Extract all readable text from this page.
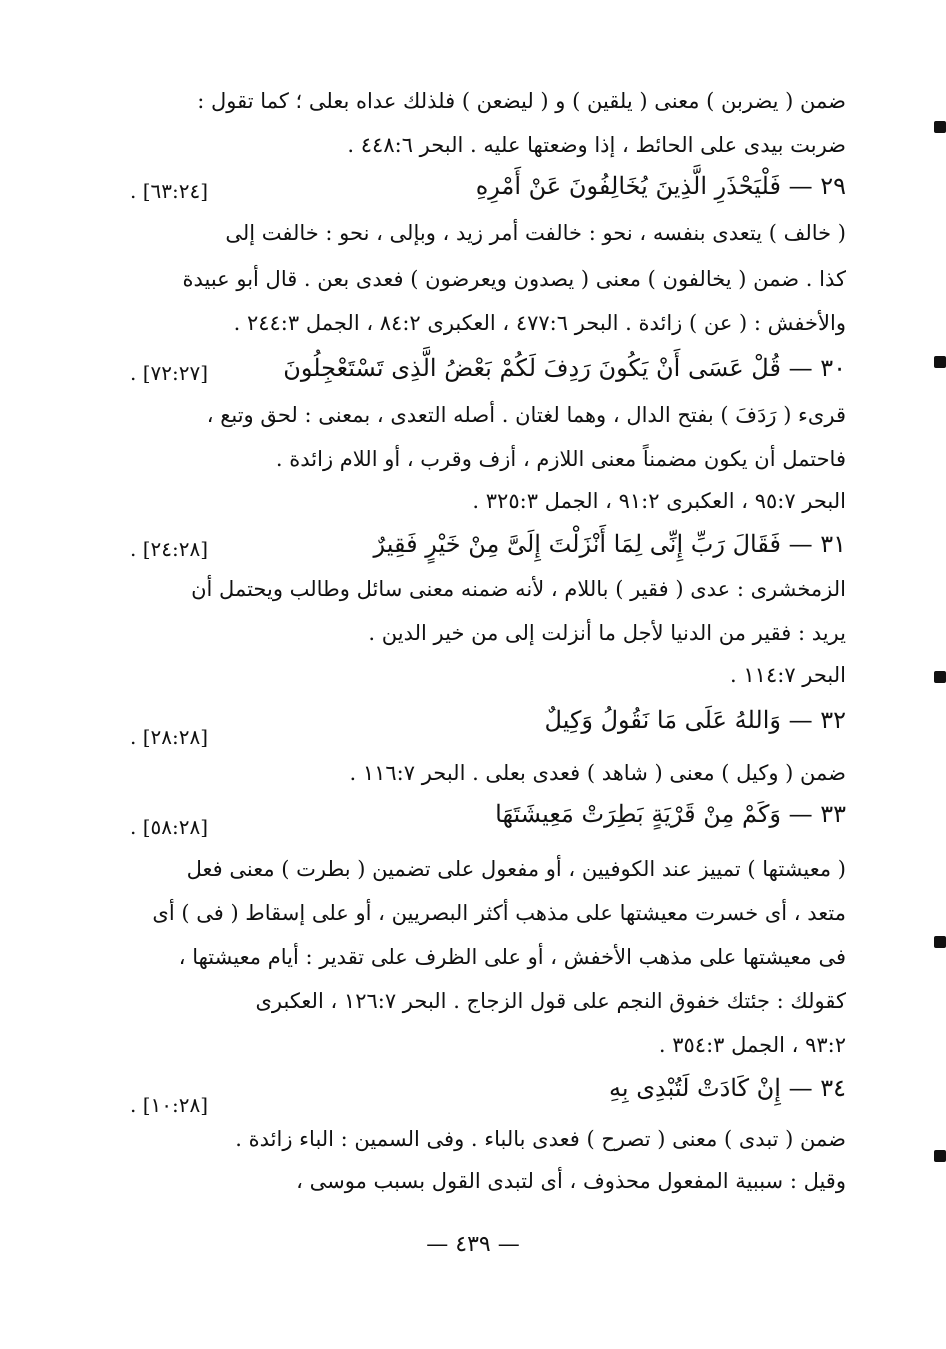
ضمن ( يضربن ) معنى ( يلقين ) و ( ليضعن ) فلذلك عداه بعلى ؛ كما تقول :
ضربت بيدى على الحائط ، إذا وضعتها عليه . البحر ٤٤٨:٦ .
٢٩ — فَلْيَحْذَرِ الَّذِينَ يُخَالِفُونَ عَنْ أَمْرِهِ
[٦٣:٢٤] .
( خالف ) يتعدى بنفسه ، نحو : خالفت أمر زيد ، وبإلى ، نحو : خالفت إلى
كذا . ضمن ( يخالفون ) معنى ( يصدون ويعرضون ) فعدى بعن . قال أبو عبيدة
والأخفش : ( عن ) زائدة . البحر ٤٧٧:٦ ، العكبرى ٨٤:٢ ، الجمل ٢٤٤:٣ .
٣٠ — قُلْ عَسَى أَنْ يَكُونَ رَدِفَ لَكُمْ بَعْضُ الَّذِى تَسْتَعْجِلُونَ
[٧٢:٢٧] .
قرىء ( رَدَفَ ) بفتح الدال ، وهما لغتان . أصله التعدى ، بمعنى : لحق وتبع ،
فاحتمل أن يكون مضمناً معنى اللازم ، أزف وقرب ، أو اللام زائدة .
البحر ٩٥:٧ ، العكبرى ٩١:٢ ، الجمل ٣٢٥:٣ .
٣١ — فَقَالَ رَبِّ إِنِّى لِمَا أَنْزَلْتَ إِلَىَّ مِنْ خَيْرٍ فَقِيرٌ
[٢٤:٢٨] .
الزمخشرى : عدى ( فقير ) باللام ، لأنه ضمنه معنى سائل وطالب ويحتمل أن
يريد : فقير من الدنيا لأجل ما أنزلت إلى من خير الدين .
البحر ١١٤:٧ .
٣٢ — وَاللهُ عَلَى مَا نَقُولُ وَكِيلٌ
[٢٨:٢٨] .
ضمن ( وكيل ) معنى ( شاهد ) فعدى بعلى . البحر ١١٦:٧ .
٣٣ — وَكَمْ مِنْ قَرْيَةٍ بَطِرَتْ مَعِيشَتَهَا
[٥٨:٢٨] .
( معيشتها ) تمييز عند الكوفيين ، أو مفعول على تضمين ( بطرت ) معنى فعل
متعد ، أى خسرت معيشتها على مذهب أكثر البصريين ، أو على إسقاط ( فى ) أى
فى معيشتها على مذهب الأخفش ، أو على الظرف على تقدير : أيام معيشتها ،
كقولك : جئتك خفوق النجم على قول الزجاج . البحر ١٢٦:٧ ، العكبرى
٩٣:٢ ، الجمل ٣٥٤:٣ .
٣٤ — إِنْ كَادَتْ لَتُبْدِى بِهِ
[١٠:٢٨] .
ضمن ( تبدى ) معنى ( تصرح ) فعدى بالباء . وفى السمين : الباء زائدة .
وقيل : سببية المفعول محذوف ، أى لتبدى القول بسبب موسى ،
— ٤٣٩ —
